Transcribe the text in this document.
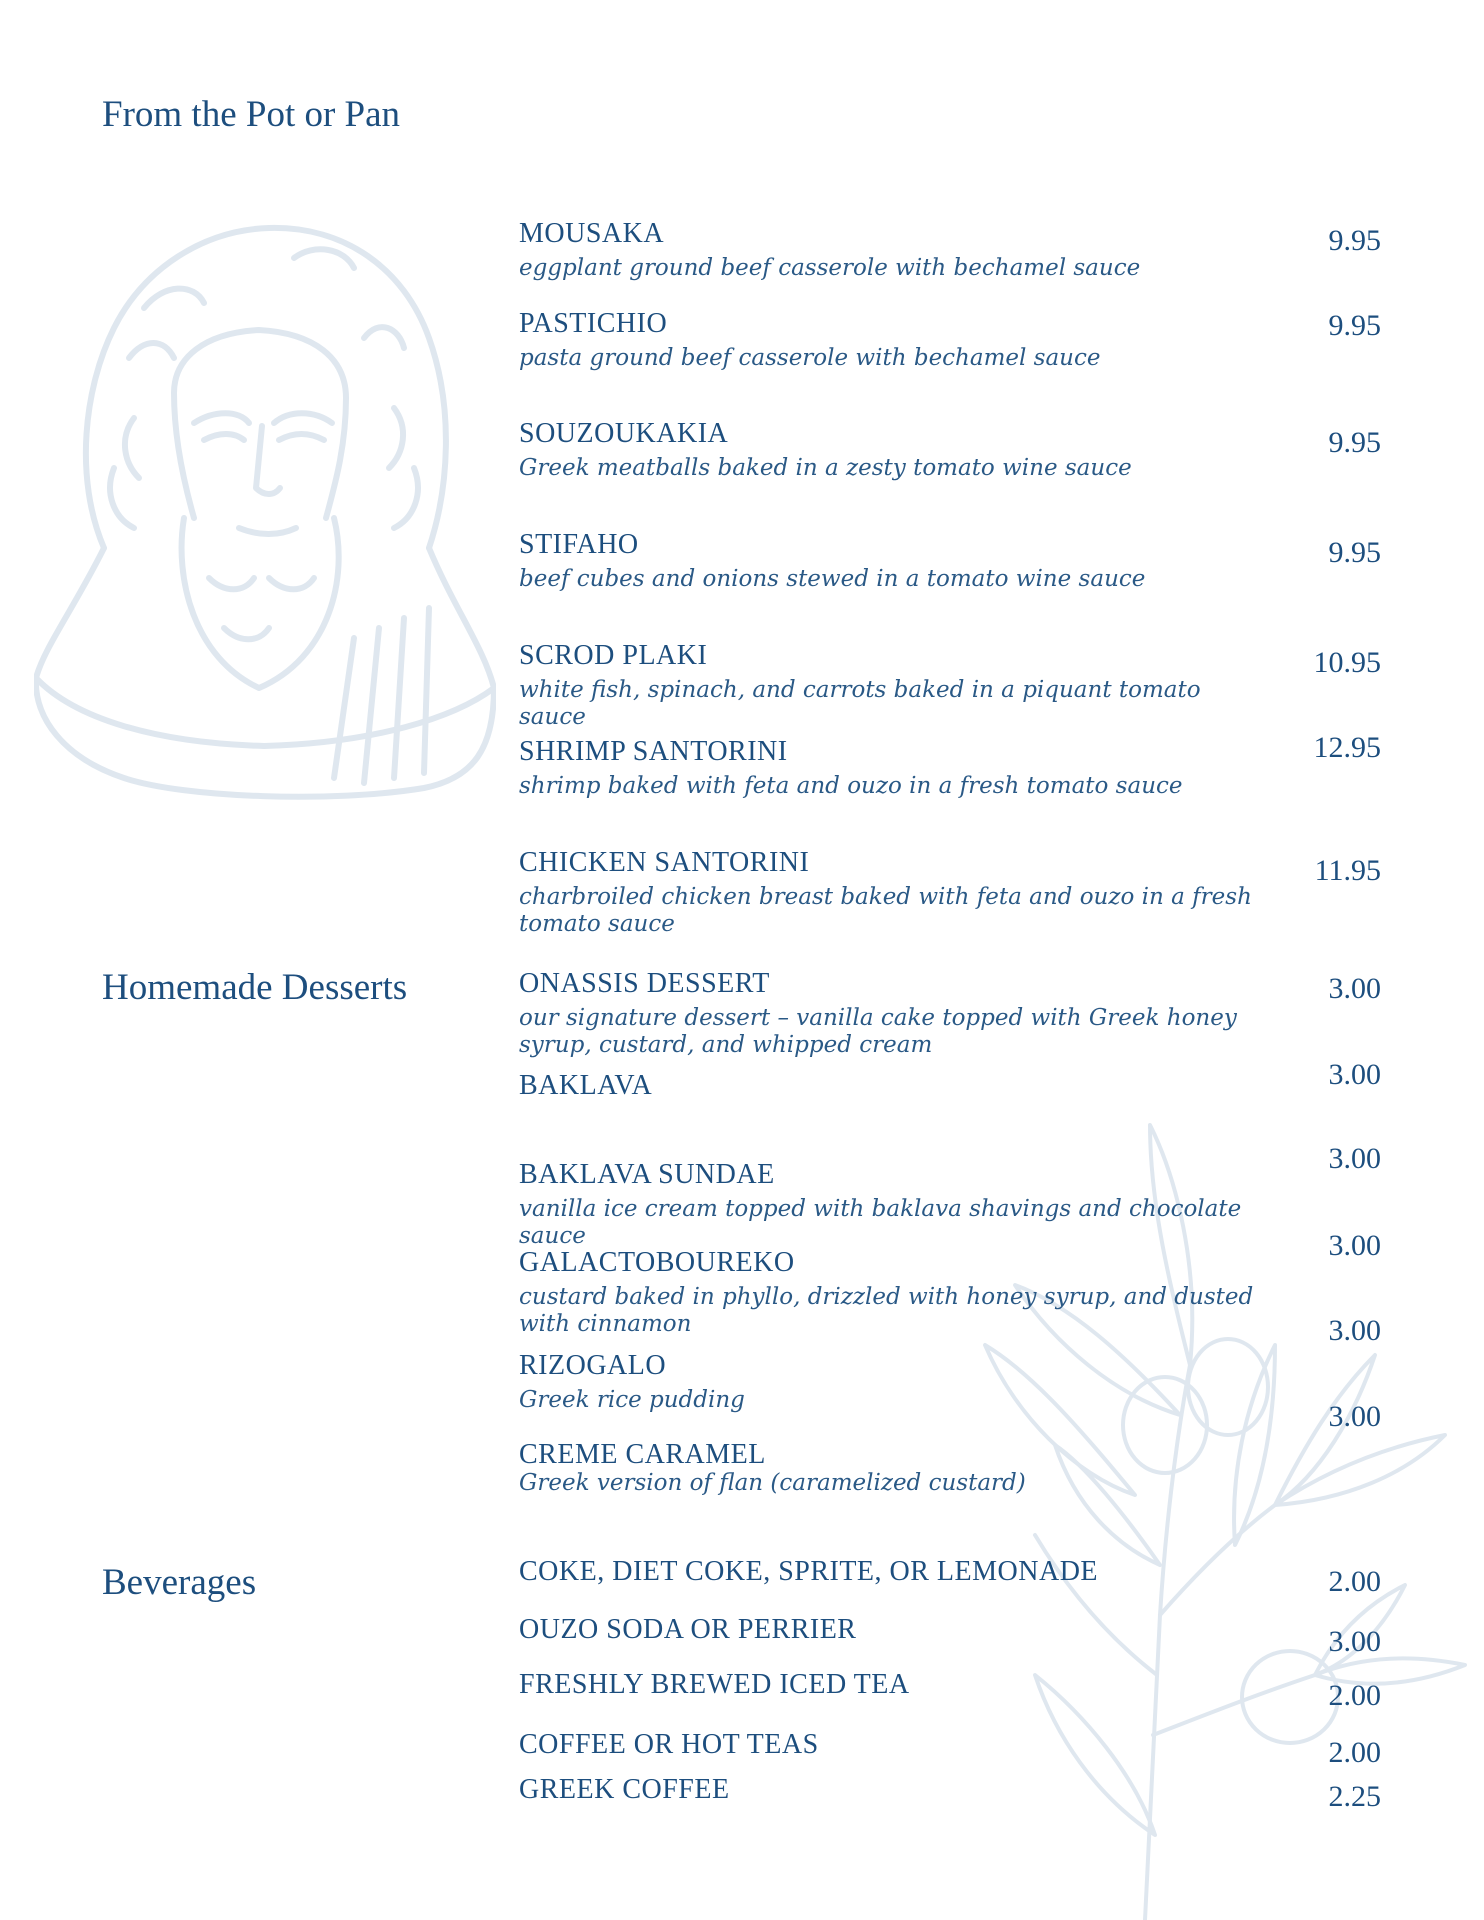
From the Pot or Pan
MOUSAKA
eggplant ground beef casserole with bechamel sauce
9.95
PASTICHIO
pasta ground beef casserole with bechamel sauce
9.95
SOUZOUKAKIA
Greek meatballs baked in a zesty tomato wine sauce
9.95
STIFAHO
beef cubes and onions stewed in a tomato wine sauce
9.95
SCROD PLAKI
white fish, spinach, and carrots baked in a piquant tomato sauce
10.95
SHRIMP SANTORINI
shrimp baked with feta and ouzo in a fresh tomato sauce
12.95
CHICKEN SANTORINI
charbroiled chicken breast baked with feta and ouzo in a fresh tomato sauce
11.95
Homemade Desserts	ONASSIS DESSERT
our signature dessert – vanilla cake topped with Greek honey syrup, custard, and whipped cream
3.00
BAKLAVA	3.00
BAKLAVA SUNDAE
vanilla ice cream topped with baklava shavings and chocolate sauce
3.00
GALACTOBOUREKO
custard baked in phyllo, drizzled with honey syrup, and dusted with cinnamon
3.00
RIZOGALO
Greek rice pudding
3.00
CREME CARAMEL
Greek version of flan (caramelized custard)
3.00
Beverages	COKE, DIET COKE, SPRITE, OR LEMONADE	2.00
OUZO SODA OR PERRIER	3.00
FRESHLY BREWED ICED TEA	2.00
COFFEE OR HOT TEAS	2.00
GREEK COFFEE	2.25
